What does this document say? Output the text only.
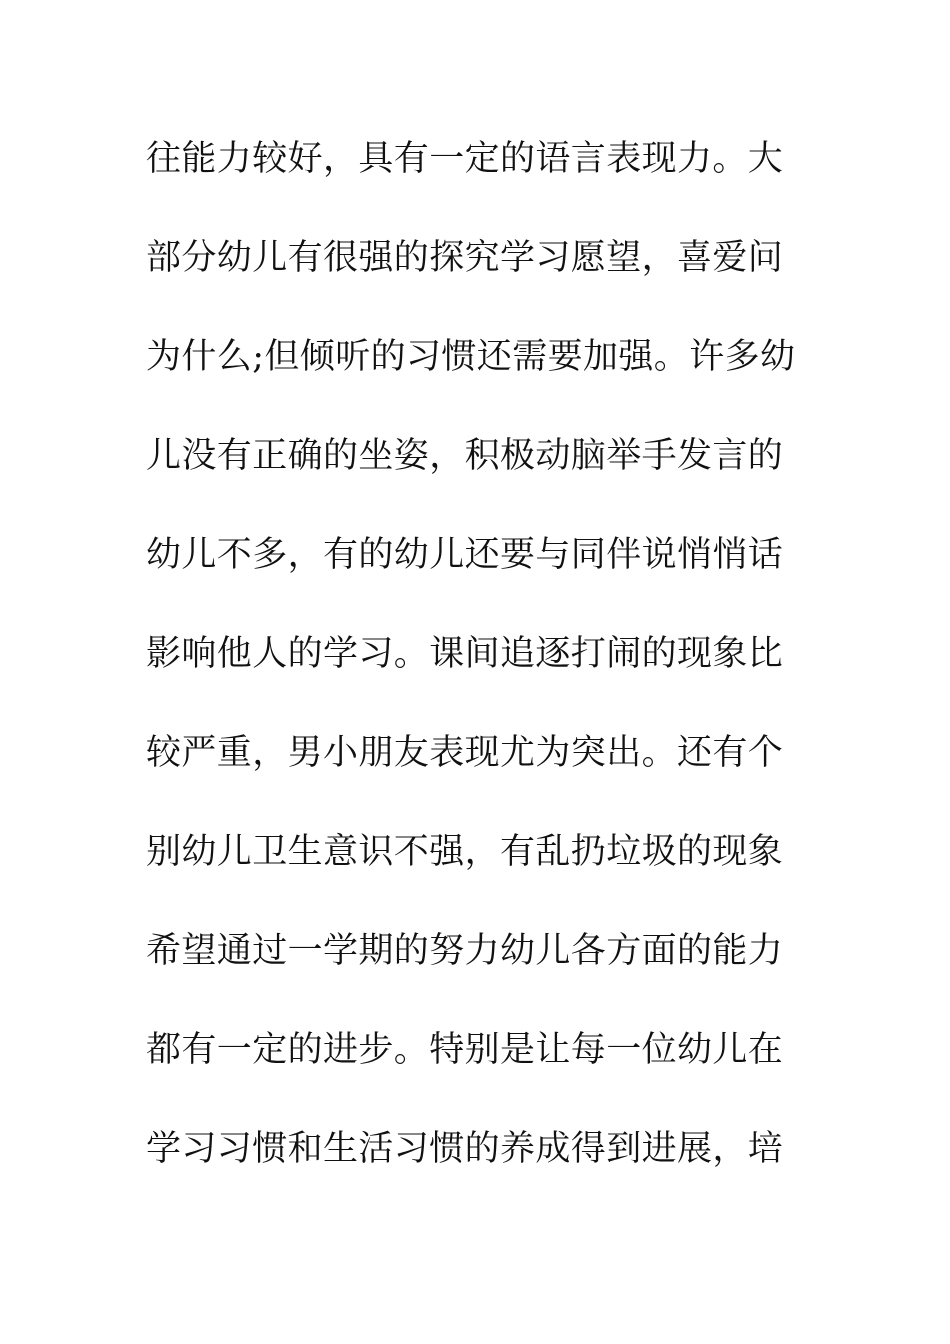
往能力较好，具有一定的语言表现力。大
部分幼儿有很强的探究学习愿望，喜爱问
为什么;但倾听的习惯还需要加强。许多幼
儿没有正确的坐姿，积极动脑举手发言的
幼儿不多，有的幼儿还要与同伴说悄悄话
影响他人的学习。课间追逐打闹的现象比
较严重，男小朋友表现尤为突出。还有个
别幼儿卫生意识不强，有乱扔垃圾的现象
希望通过一学期的努力幼儿各方面的能力
都有一定的进步。特别是让每一位幼儿在
学习习惯和生活习惯的养成得到进展，培
